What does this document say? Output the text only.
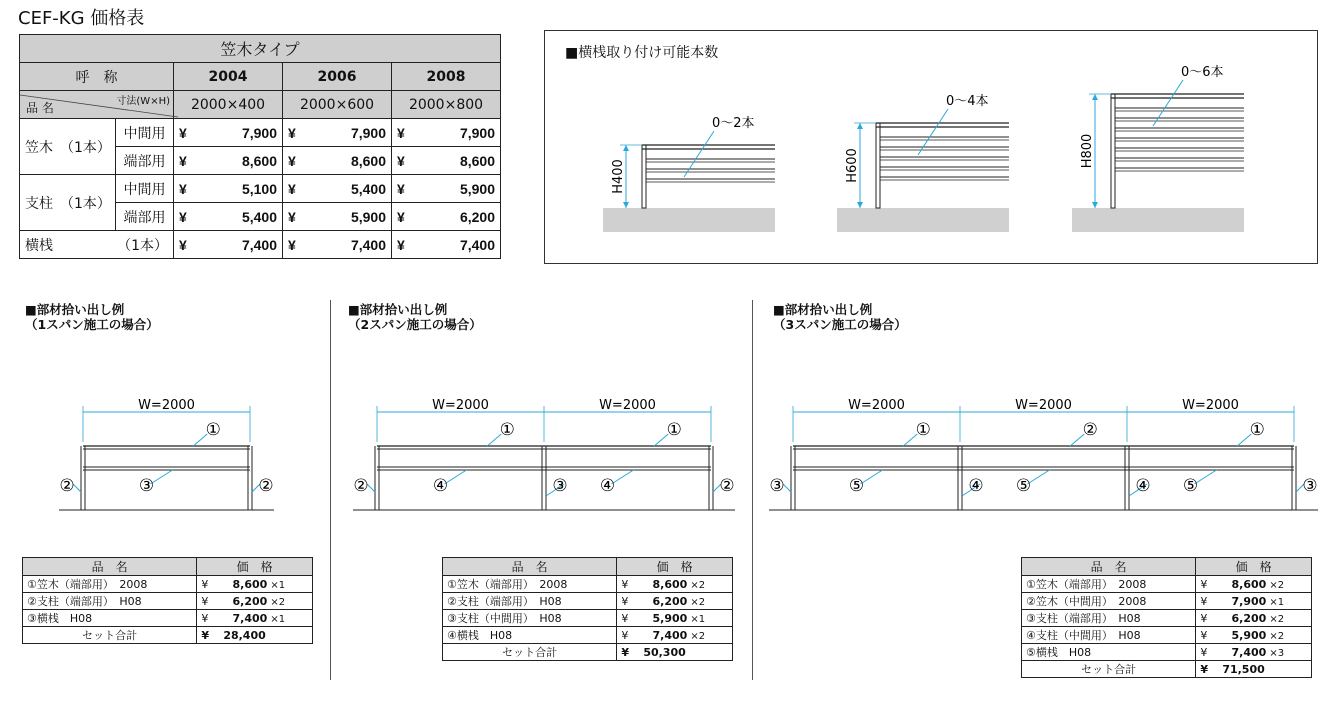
CEF-KG 価格表
笠木タイプ				
呼　称		2004	2006	2008

品 名 寸法(W×H)		2000×400	2000×600	2000×800
笠木　（1本）	中間用	¥ 7,900	¥ 7,900	¥ 7,900

	端部用	¥ 8,600	¥ 8,600	¥ 8,600

支柱　（1本）	中間用	¥ 5,100	¥ 5,400	¥ 5,900

	端部用	¥ 5,400	¥ 5,900	¥ 6,200

横桟 （1本）		¥ 7,400	¥ 7,400	¥ 7,400
■横桟取り付け可能本数
H400
0〜2本
H600
0〜4本
H800
0〜6本
■部材拾い出し例
（1スパン施工の場合）
W=2000
①
②	③	②
品　名	価　格
①笠木（端部用）　2008	¥ 8,600 ×1
②支柱（端部用）　H08	¥ 6,200 ×2
③横桟　H08	¥ 7,400 ×1
セット合計	¥ 28,400
■部材拾い出し例
（2スパン施工の場合）
W=2000	W=2000
①	①
②	④	③ ④	②
品　名	価　格
①笠木（端部用）　2008	¥ 8,600 ×2
②支柱（端部用）　H08	¥ 6,200 ×2
③支柱（中間用）　H08	¥ 5,900 ×1
④横桟　H08	¥ 7,400 ×2
セット合計	¥ 50,300
■部材拾い出し例
（3スパン施工の場合）
W=2000	W=2000	W=2000
①	②	①
③	⑤	④ ⑤	④ ⑤	③
品　名	価　格
①笠木（端部用）　2008	¥ 8,600 ×2
②笠木（中間用）　2008	¥ 7,900 ×1
③支柱（端部用）　H08	¥ 6,200 ×2
④支柱（中間用）　H08	¥ 5,900 ×2
⑤横桟　H08	¥ 7,400 ×3
セット合計	¥ 71,500
